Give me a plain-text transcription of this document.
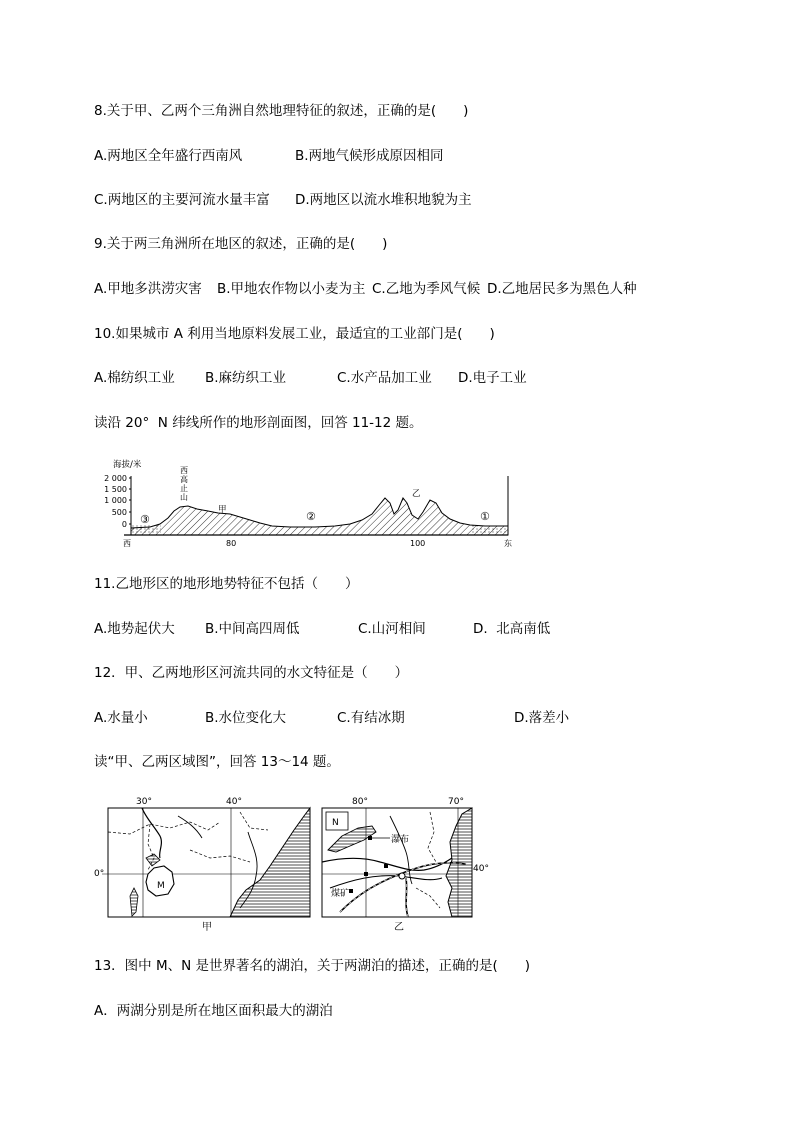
8.关于甲、乙两个三角洲自然地理特征的叙述，正确的是(　　)
A.两地区全年盛行西南风	B.两地气候形成原因相同
C.两地区的主要河流水量丰富 D.两地区以流水堆积地貌为主
9.关于两三角洲所在地区的叙述，正确的是(　　)
A.甲地多洪涝灾害 B.甲地农作物以小麦为主 C.乙地为季风气候 D.乙地居民多为黑色人种
10.如果城市 A 利用当地原料发展工业，最适宜的工业部门是(　　)
A.棉纺织工业 B.麻纺织工业	C.水产品加工业 D.电子工业
读沿 20°  N 纬线所作的地形剖面图，回答 11-12 题。
海拔/米
2 000
1 500
1 000
500
0
西高止山
甲
乙
③	②	①
西	80	100	东
11.乙地形区的地形地势特征不包括（　　）
A.地势起伏大 B.中间高四周低	C.山河相间	D.  北高南低
12．甲、乙两地形区河流共同的水文特征是（　　）
A.水量小	B.水位变化大	C.有结冰期	D.落差小
读“甲、乙两区域图”，回答 13～14 题。
30°	40°
0°
M
甲
80°	70°
40°
N
瀑布
煤矿
乙
13．图中 M、N 是世界著名的湖泊，关于两湖泊的描述，正确的是(　　)
A．两湖分别是所在地区面积最大的湖泊
